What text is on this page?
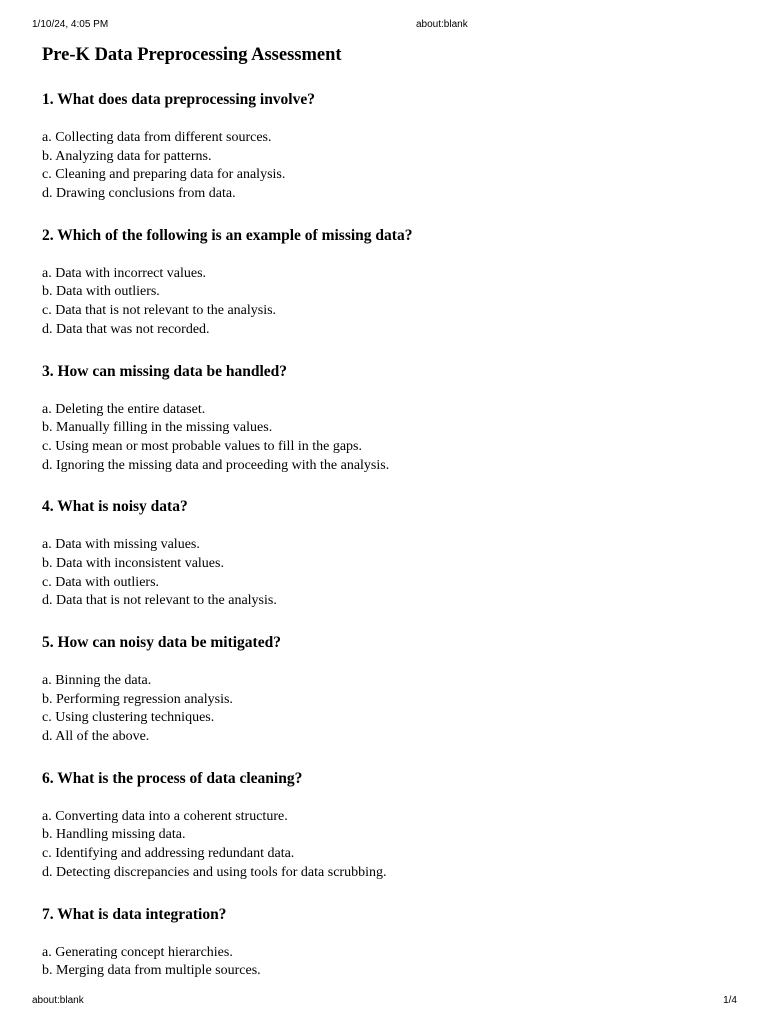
1/10/24, 4:05 PM	about:blank
Pre-K Data Preprocessing Assessment
1. What does data preprocessing involve?
a. Collecting data from different sources.
b. Analyzing data for patterns.
c. Cleaning and preparing data for analysis.
d. Drawing conclusions from data.
2. Which of the following is an example of missing data?
a. Data with incorrect values.
b. Data with outliers.
c. Data that is not relevant to the analysis.
d. Data that was not recorded.
3. How can missing data be handled?
a. Deleting the entire dataset.
b. Manually filling in the missing values.
c. Using mean or most probable values to fill in the gaps.
d. Ignoring the missing data and proceeding with the analysis.
4. What is noisy data?
a. Data with missing values.
b. Data with inconsistent values.
c. Data with outliers.
d. Data that is not relevant to the analysis.
5. How can noisy data be mitigated?
a. Binning the data.
b. Performing regression analysis.
c. Using clustering techniques.
d. All of the above.
6. What is the process of data cleaning?
a. Converting data into a coherent structure.
b. Handling missing data.
c. Identifying and addressing redundant data.
d. Detecting discrepancies and using tools for data scrubbing.
7. What is data integration?
a. Generating concept hierarchies.
b. Merging data from multiple sources.
about:blank	1/4
